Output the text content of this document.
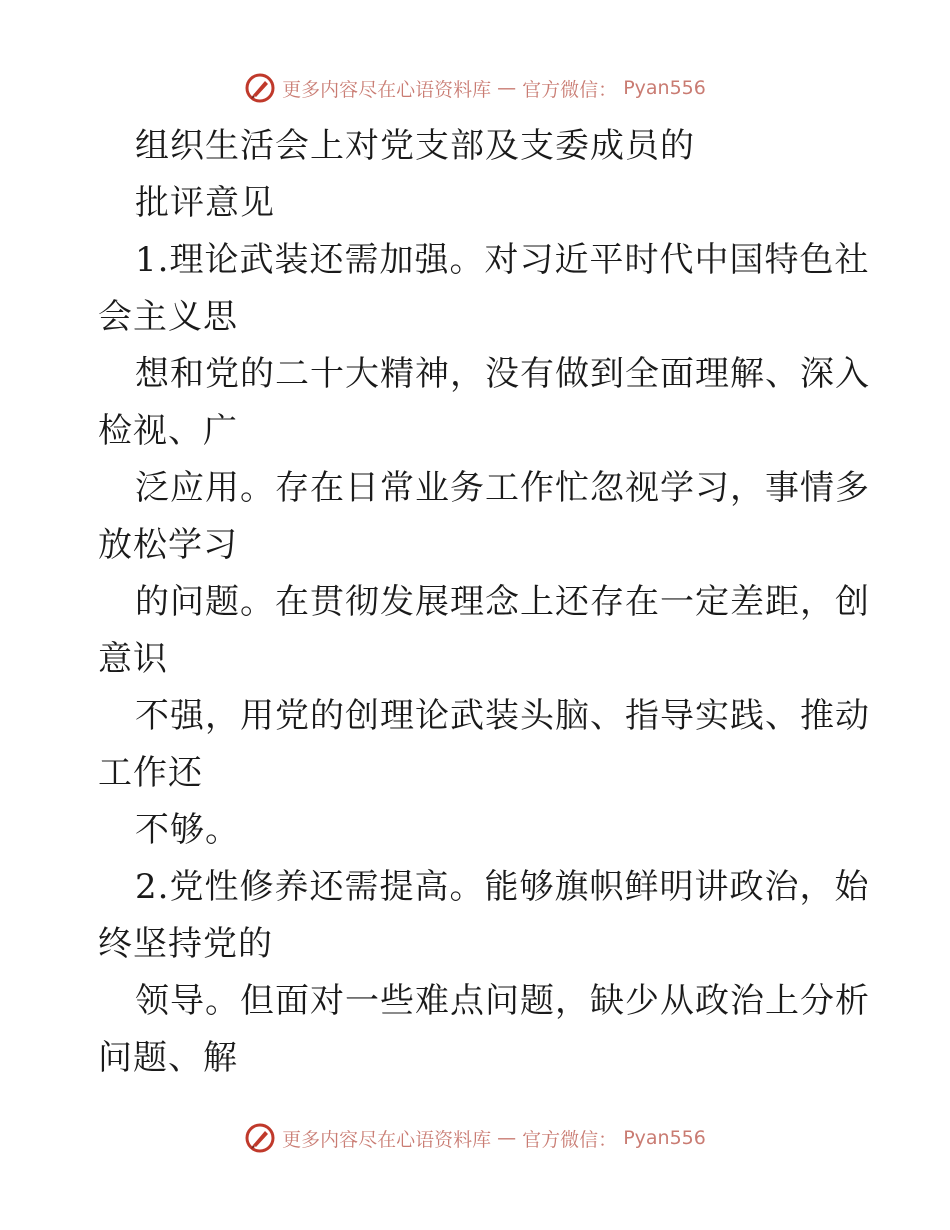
更多内容尽在心语资料库 — 官方微信： Pyan556
组织生活会上对党支部及支委成员的
批评意见
1.理论武装还需加强。对习近平时代中国特色社
会主义思
想和党的二十大精神，没有做到全面理解、深入
检视、广
泛应用。存在日常业务工作忙忽视学习，事情多
放松学习
的问题。在贯彻发展理念上还存在一定差距，创
意识
不强，用党的创理论武装头脑、指导实践、推动
工作还
不够。
2.党性修养还需提高。能够旗帜鲜明讲政治，始
终坚持党的
领导。但面对一些难点问题，缺少从政治上分析
问题、解
更多内容尽在心语资料库 — 官方微信： Pyan556
